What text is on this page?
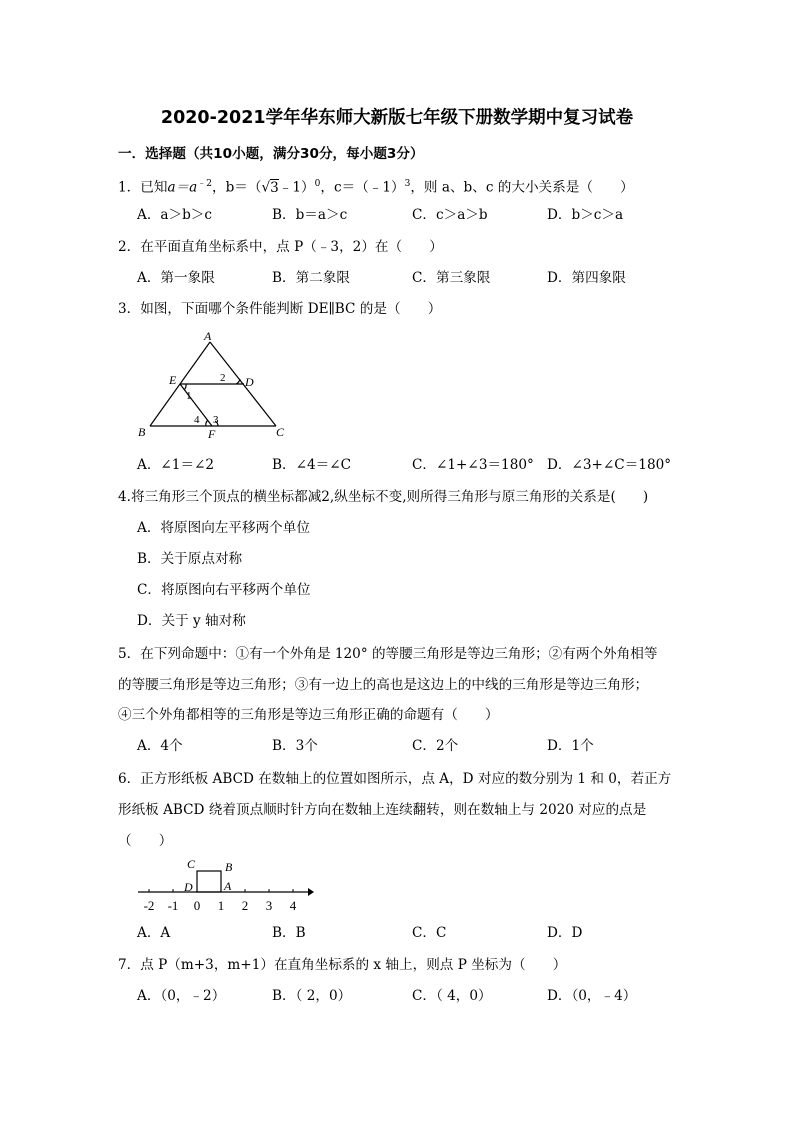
2020-2021学年华东师大新版七年级下册数学期中复习试卷
一．选择题（共10小题，满分30分，每小题3分）
1．已知$a=a^{﹣2}$，b＝（√3﹣1）$^0$，c＝（﹣1）$^3$，则 a、b、c 的大小关系是（　　）
A．a＞b＞c	B．b＝a＞c	C．c＞a＞b	D．b＞c＞a
2．在平面直角坐标系中，点 P（﹣3，2）在（　　）
A．第一象限	B．第二象限	C．第三象限	D．第四象限
3．如图，下面哪个条件能判断 DE∥BC 的是（　　）
A
B	C
D
E
F
1
2
3
4
A．∠1＝∠2	B．∠4＝∠C	C．∠1+∠3＝180° D．∠3+∠C＝180°
4.将三角形三个顶点的横坐标都减2,纵坐标不变,则所得三角形与原三角形的关系是(　　)
A．将原图向左平移两个单位
B．关于原点对称
C．将原图向右平移两个单位
D．关于 y 轴对称
5．在下列命题中：①有一个外角是 120° 的等腰三角形是等边三角形；②有两个外角相等
的等腰三角形是等边三角形；③有一边上的高也是这边上的中线的三角形是等边三角形；
④三个外角都相等的三角形是等边三角形正确的命题有（　　）
A．4个	B．3个	C．2个	D．1个
6．正方形纸板 ABCD 在数轴上的位置如图所示，点 A，D 对应的数分别为 1 和 0，若正方
形纸板 ABCD 绕着顶点顺时针方向在数轴上连续翻转，则在数轴上与 2020 对应的点是
（　　）
C B
D	A
-2 -1 0 1 2 3 4
A．A	B．B	C．C	D．D
7．点 P（m+3，m+1）在直角坐标系的 x 轴上，则点 P 坐标为（　　）
A．（0，﹣2）	B．（ 2，0）	C．（ 4，0）	D．（0，﹣4）
